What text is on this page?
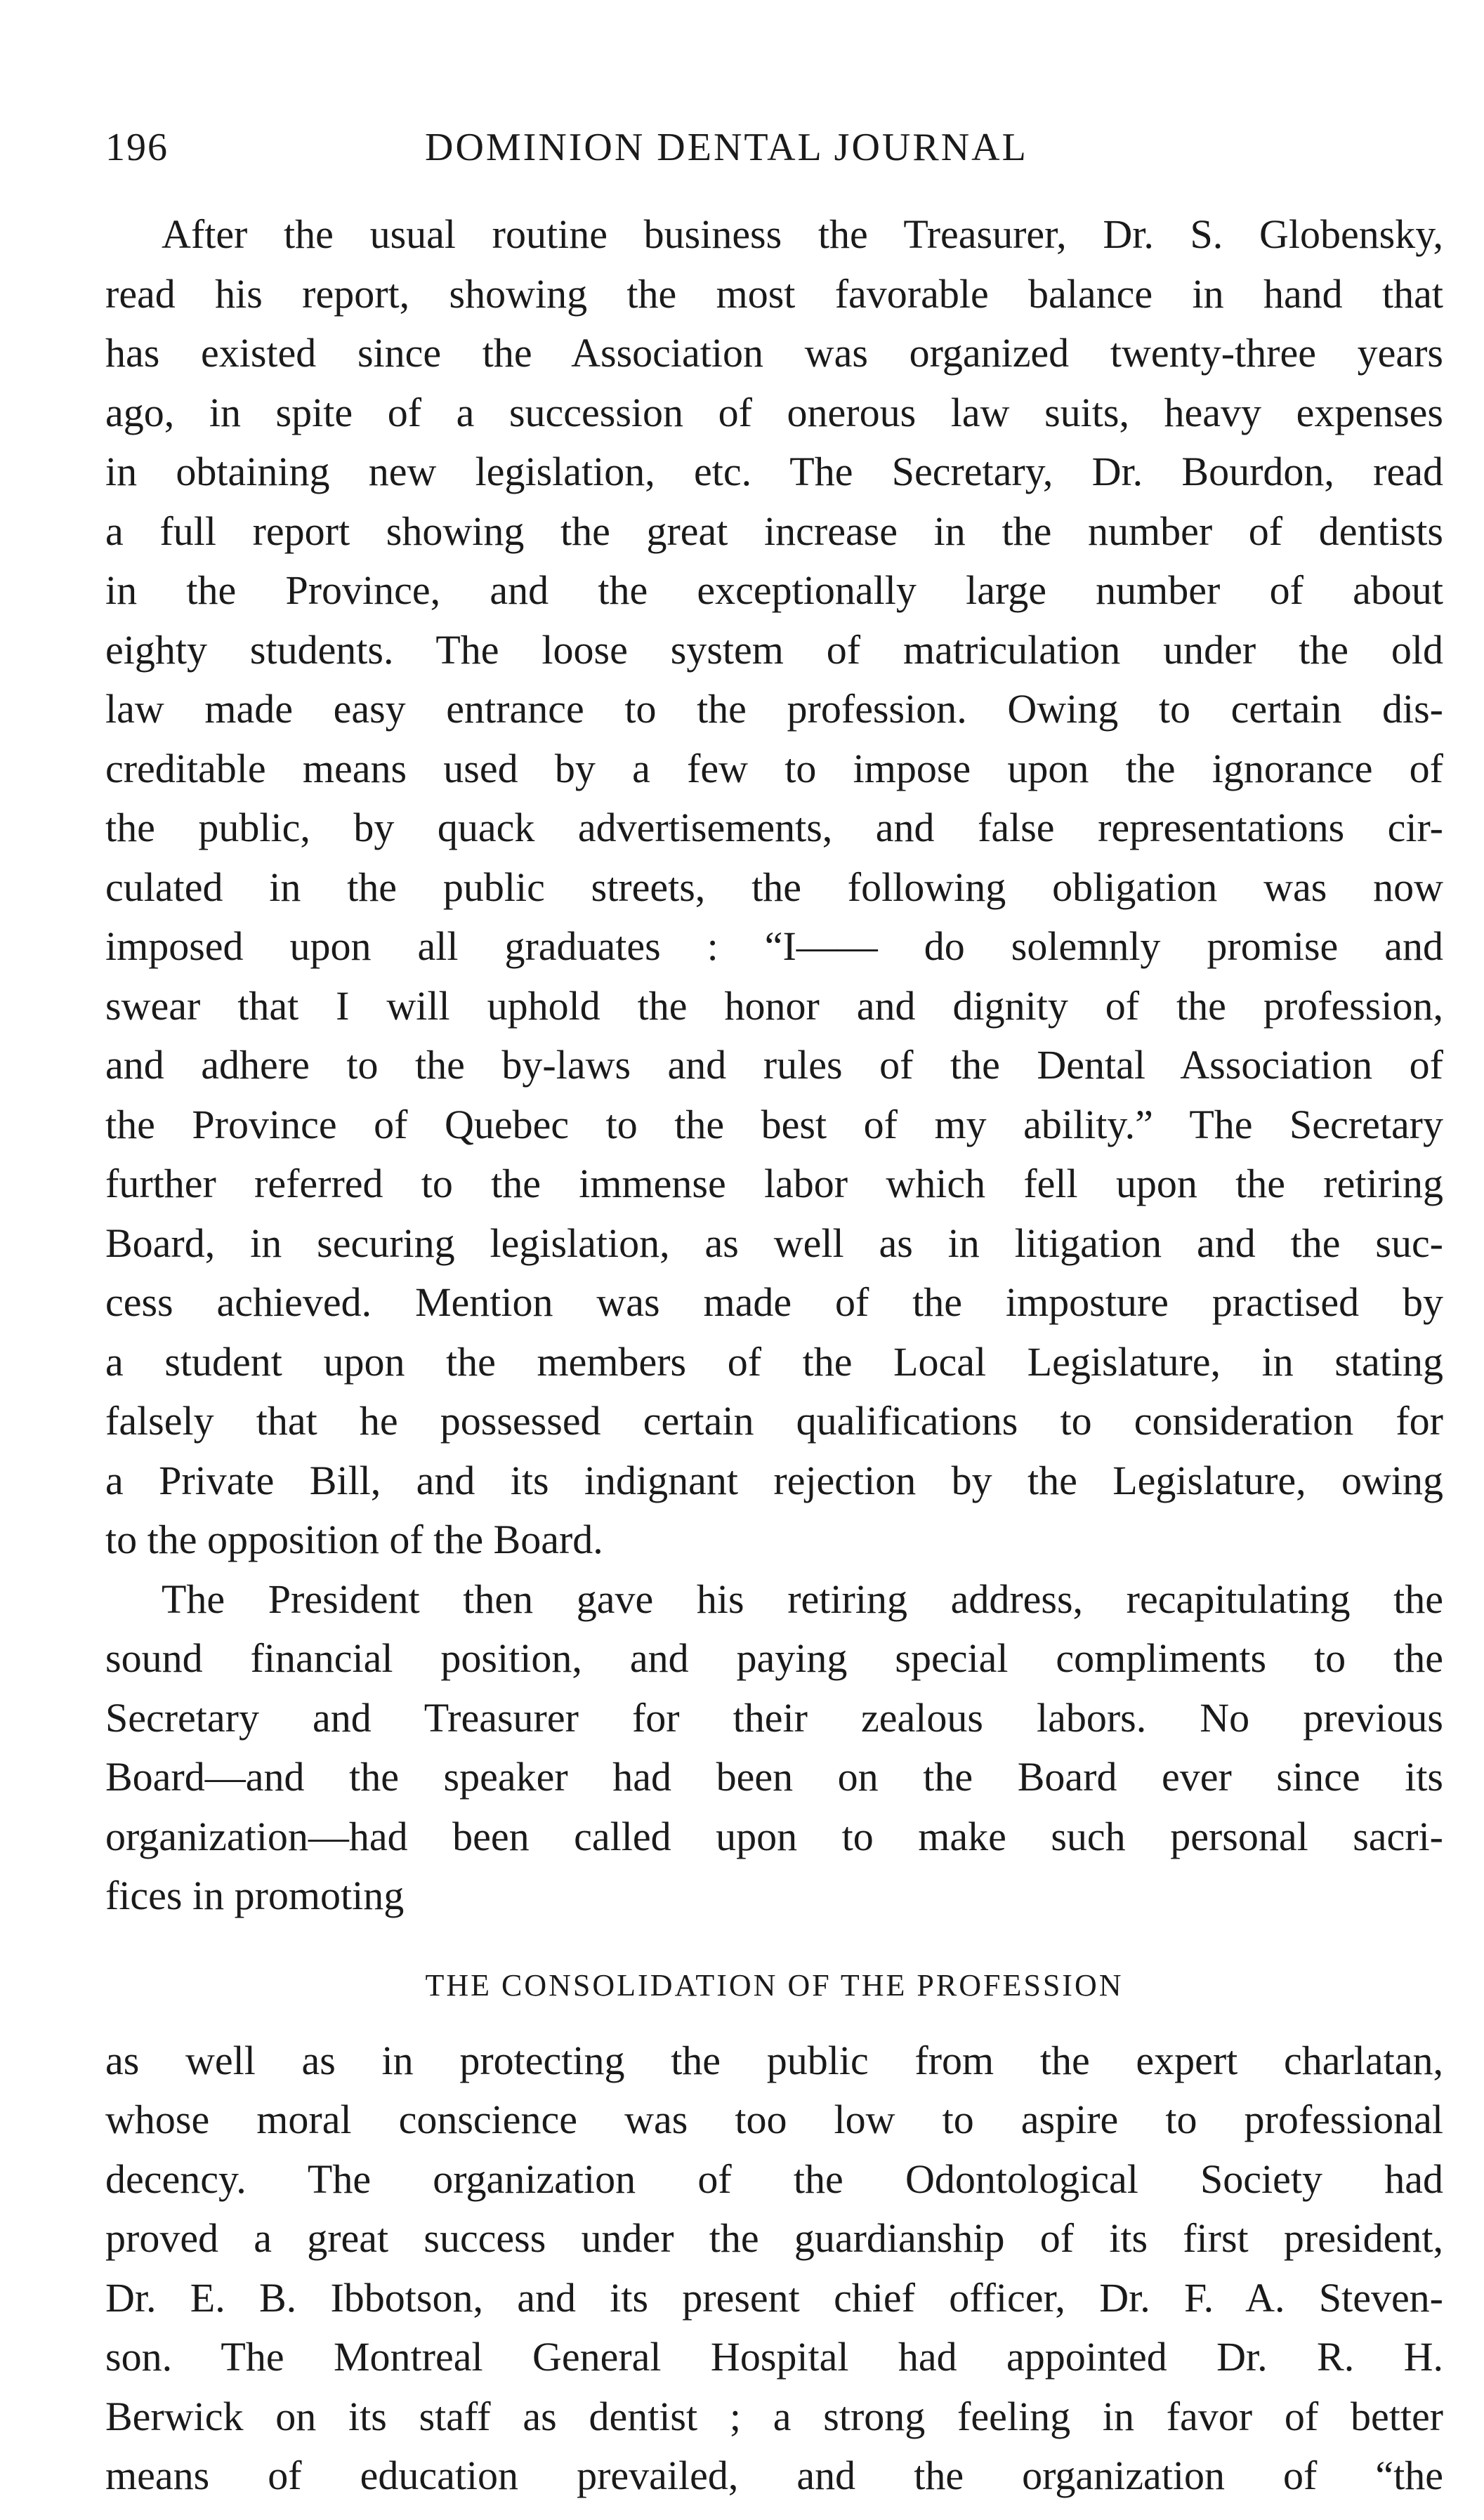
196	DOMINION DENTAL JOURNAL
After the usual routine business the Treasurer, Dr. S. Globensky,
read his report, showing the most favorable balance in hand that
has existed since the Association was organized twenty-three years
ago, in spite of a succession of onerous law suits, heavy expenses
in obtaining new legislation, etc. The Secretary, Dr. Bourdon, read
a full report showing the great increase in the number of dentists
in the Province, and the exceptionally large number of about
eighty students. The loose system of matriculation under the old
law made easy entrance to the profession. Owing to certain dis-
creditable means used by a few to impose upon the ignorance of
the public, by quack advertisements, and false representations cir-
culated in the public streets, the following obligation was now
imposed upon all graduates : “I—— do solemnly promise and
swear that I will uphold the honor and dignity of the profession,
and adhere to the by-laws and rules of the Dental Association of
the Province of Quebec to the best of my ability.” The Secretary
further referred to the immense labor which fell upon the retiring
Board, in securing legislation, as well as in litigation and the suc-
cess achieved. Mention was made of the imposture practised by
a student upon the members of the Local Legislature, in stating
falsely that he possessed certain qualifications to consideration for
a Private Bill, and its indignant rejection by the Legislature, owing
to the opposition of the Board.
The President then gave his retiring address, recapitulating the
sound financial position, and paying special compliments to the
Secretary and Treasurer for their zealous labors. No previous
Board—and the speaker had been on the Board ever since its
organization—had been called upon to make such personal sacri-
fices in promoting
THE CONSOLIDATION OF THE PROFESSION
as well as in protecting the public from the expert charlatan,
whose moral conscience was too low to aspire to professional
decency. The organization of the Odontological Society had
proved a great success under the guardianship of its first president,
Dr. E. B. Ibbotson, and its present chief officer, Dr. F. A. Steven-
son. The Montreal General Hospital had appointed Dr. R. H.
Berwick on its staff as dentist ; a strong feeling in favor of better
means of education prevailed, and the organization of “the
